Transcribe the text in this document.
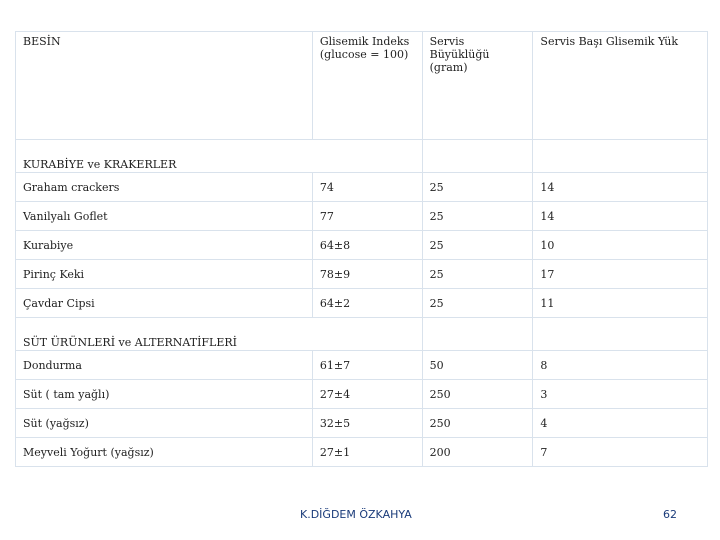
BESİN	Glisemik Indeks (glucose = 100)	Servis Büyüklüğü (gram)	Servis Başı Glisemik Yük
KURABİYE ve KRAKERLER			
Graham crackers	74	25	14
Vanilyalı Goflet	77	25	14
Kurabiye	64±8	25	10
Pirinç Keki	78±9	25	17
Çavdar Cipsi	64±2	25	11
SÜT ÜRÜNLERİ ve ALTERNATİFLERİ			
Dondurma	61±7	50	8
Süt ( tam yağlı)	27±4	250	3
Süt (yağsız)	32±5	250	4
Meyveli Yoğurt (yağsız)	27±1	200	7
K.DİĞDEM ÖZKAHYA	62
